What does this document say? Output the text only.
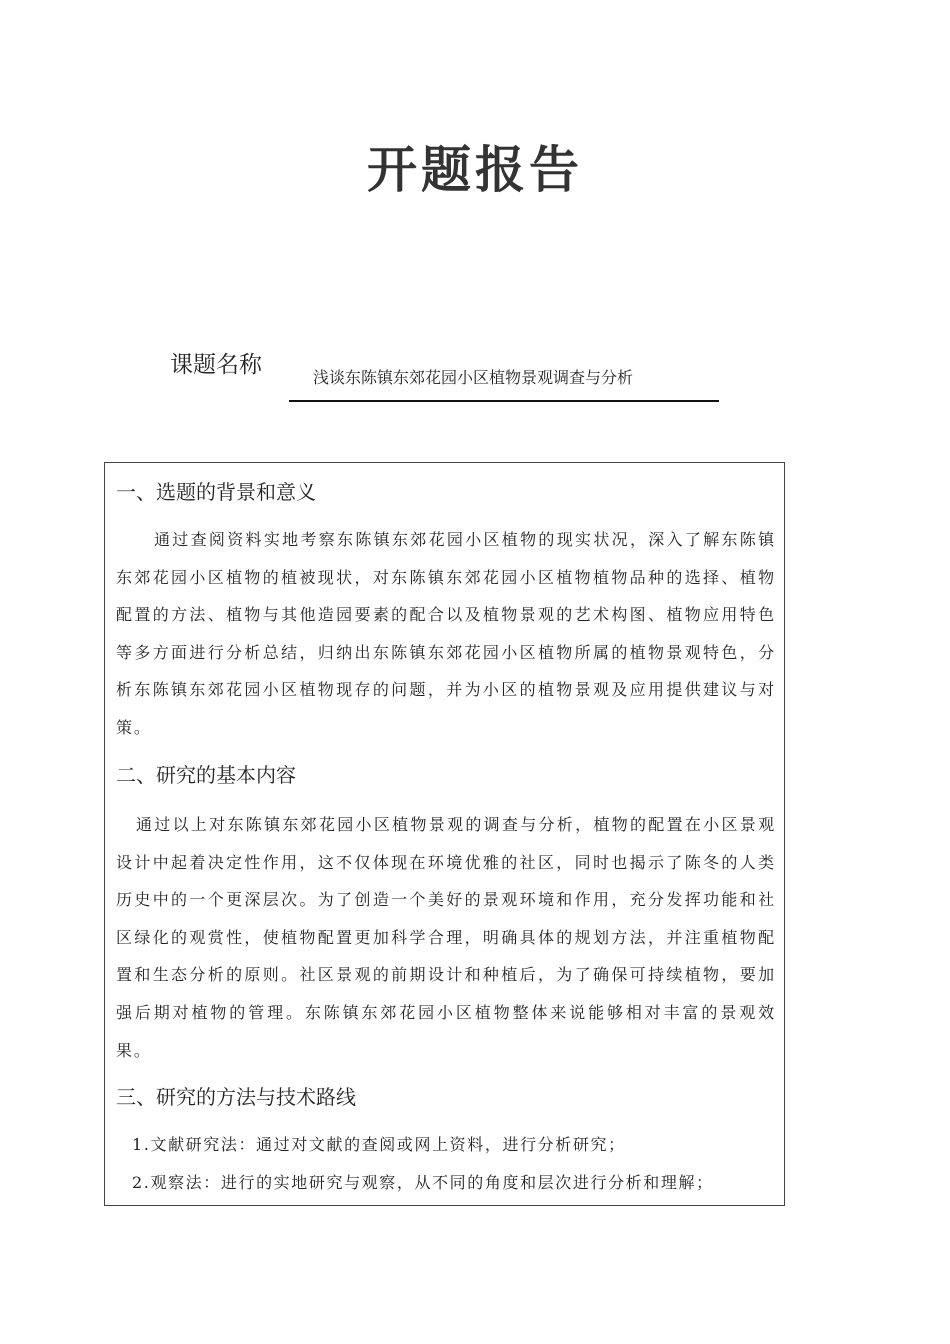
开题报告
课题名称	浅谈东陈镇东郊花园小区植物景观调查与分析
一、选题的背景和意义

通过查阅资料实地考察东陈镇东郊花园小区植物的现实状况，深入了解东陈镇东郊花园小区植物的植被现状，对东陈镇东郊花园小区植物植物品种的选择、植物配置的方法、植物与其他造园要素的配合以及植物景观的艺术构图、植物应用特色等多方面进行分析总结，归纳出东陈镇东郊花园小区植物所属的植物景观特色，分析东陈镇东郊花园小区植物现存的问题，并为小区的植物景观及应用提供建议与对策。

二、研究的基本内容

通过以上对东陈镇东郊花园小区植物景观的调查与分析，植物的配置在小区景观设计中起着决定性作用，这不仅体现在环境优雅的社区，同时也揭示了陈冬的人类历史中的一个更深层次。为了创造一个美好的景观环境和作用，充分发挥功能和社区绿化的观赏性，使植物配置更加科学合理，明确具体的规划方法，并注重植物配置和生态分析的原则。社区景观的前期设计和种植后，为了确保可持续植物，要加强后期对植物的管理。东陈镇东郊花园小区植物整体来说能够相对丰富的景观效果。

三、研究的方法与技术路线
1.文献研究法：通过对文献的查阅或网上资料，进行分析研究；
2.观察法：进行的实地研究与观察，从不同的角度和层次进行分析和理解；
